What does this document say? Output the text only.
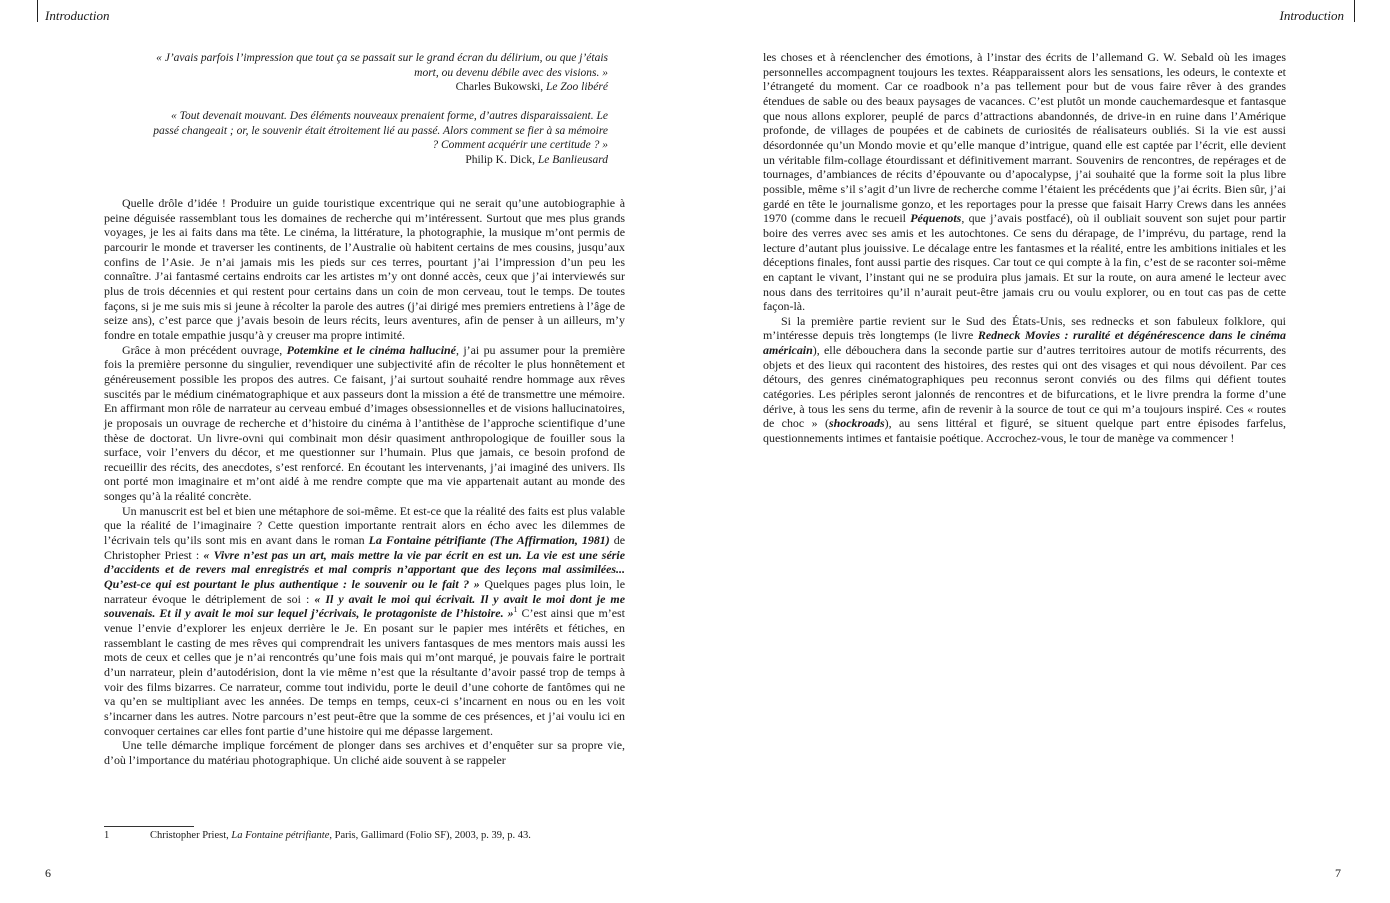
Introduction
« J’avais parfois l’impression que tout ça se passait sur le grand écran du délirium, ou que j’étais mort, ou devenu débile avec des visions. »
Charles Bukowski, Le Zoo libéré
« Tout devenait mouvant. Des éléments nouveaux prenaient forme, d’autres disparaissaient. Le passé changeait ; or, le souvenir était étroitement lié au passé. Alors comment se fier à sa mémoire ? Comment acquérir une certitude ? »
Philip K. Dick, Le Banlieusard

Quelle drôle d’idée ! Produire un guide touristique excentrique qui ne serait qu’une autobiographie à peine déguisée rassemblant tous les domaines de recherche qui m’intéressent. Surtout que mes plus grands voyages, je les ai faits dans ma tête. Le cinéma, la littérature, la photographie, la musique m’ont permis de parcourir le monde et traverser les continents, de l’Australie où habitent certains de mes cousins, jusqu’aux confins de l’Asie. Je n’ai jamais mis les pieds sur ces terres, pourtant j’ai l’impression d’un peu les connaître. J’ai fantasmé certains endroits car les artistes m’y ont donné accès, ceux que j’ai interviewés sur plus de trois décennies et qui restent pour certains dans un coin de mon cerveau, tout le temps. De toutes façons, si je me suis mis si jeune à récolter la parole des autres (j’ai dirigé mes premiers entretiens à l’âge de seize ans), c’est parce que j’avais besoin de leurs récits, leurs aventures, afin de penser à un ailleurs, m’y fondre en totale empathie jusqu’à y creuser ma propre intimité.

Grâce à mon précédent ouvrage, Potemkine et le cinéma halluciné, j’ai pu assumer pour la première fois la première personne du singulier, revendiquer une subjectivité afin de récolter le plus honnêtement et généreusement possible les propos des autres. Ce faisant, j’ai surtout souhaité rendre hommage aux rêves suscités par le médium cinématographique et aux passeurs dont la mission a été de transmettre une mémoire. En affirmant mon rôle de narrateur au cerveau embué d’images obsessionnelles et de visions hallucinatoires, je proposais un ouvrage de recherche et d’histoire du cinéma à l’antithèse de l’approche scientifique d’une thèse de doctorat. Un livre-ovni qui combinait mon désir quasiment anthropologique de fouiller sous la surface, voir l’envers du décor, et me questionner sur l’humain. Plus que jamais, ce besoin profond de recueillir des récits, des anecdotes, s’est renforcé. En écoutant les intervenants, j’ai imaginé des univers. Ils ont porté mon imaginaire et m’ont aidé à me rendre compte que ma vie appartenait autant au monde des songes qu’à la réalité concrète.

Un manuscrit est bel et bien une métaphore de soi-même. Et est-ce que la réalité des faits est plus valable que la réalité de l’imaginaire ? Cette question importante rentrait alors en écho avec les dilemmes de l’écrivain tels qu’ils sont mis en avant dans le roman La Fontaine pétrifiante (The Affirmation, 1981) de Christopher Priest : « Vivre n’est pas un art, mais mettre la vie par écrit en est un. La vie est une série d’accidents et de revers mal enregistrés et mal compris n’apportant que des leçons mal assimilées... Qu’est-ce qui est pourtant le plus authentique : le souvenir ou le fait ? » Quelques pages plus loin, le narrateur évoque le détriplement de soi : « Il y avait le moi qui écrivait. Il y avait le moi dont je me souvenais. Et il y avait le moi sur lequel j’écrivais, le protagoniste de l’histoire. »$^1$ C’est ainsi que m’est venue l’envie d’explorer les enjeux derrière le Je. En posant sur le papier mes intérêts et fétiches, en rassemblant le casting de mes rêves qui comprendrait les univers fantasques de mes mentors mais aussi les mots de ceux et celles que je n’ai rencontrés qu’une fois mais qui m’ont marqué, je pouvais faire le portrait d’un narrateur, plein d’autodérision, dont la vie même n’est que la résultante d’avoir passé trop de temps à voir des films bizarres. Ce narrateur, comme tout individu, porte le deuil d’une cohorte de fantômes qui ne va qu’en se multipliant avec les années. De temps en temps, ceux-ci s’incarnent en nous ou en les voit s’incarner dans les autres. Notre parcours n’est peut-être que la somme de ces présences, et j’ai voulu ici en convoquer certaines car elles font partie d’une histoire qui me dépasse largement.

Une telle démarche implique forcément de plonger dans ses archives et d’enquêter sur sa propre vie, d’où l’importance du matériau photographique. Un cliché aide souvent à se rappeler

1	Christopher Priest, La Fontaine pétrifiante, Paris, Gallimard (Folio SF), 2003, p. 39, p. 43.
6
Introduction

les choses et à réenclencher des émotions, à l’instar des écrits de l’allemand G. W. Sebald où les images personnelles accompagnent toujours les textes. Réapparaissent alors les sensations, les odeurs, le contexte et l’étrangeté du moment. Car ce roadbook n’a pas tellement pour but de vous faire rêver à des grandes étendues de sable ou des beaux paysages de vacances. C’est plutôt un monde cauchemardesque et fantasque que nous allons explorer, peuplé de parcs d’attractions abandonnés, de drive-in en ruine dans l’Amérique profonde, de villages de poupées et de cabinets de curiosités de réalisateurs oubliés. Si la vie est aussi désordonnée qu’un Mondo movie et qu’elle manque d’intrigue, quand elle est captée par l’écrit, elle devient un véritable film-collage étourdissant et définitivement marrant. Souvenirs de rencontres, de repérages et de tournages, d’ambiances de récits d’épouvante ou d’apocalypse, j’ai souhaité que la forme soit la plus libre possible, même s’il s’agit d’un livre de recherche comme l’étaient les précédents que j’ai écrits. Bien sûr, j’ai gardé en tête le journalisme gonzo, et les reportages pour la presse que faisait Harry Crews dans les années 1970 (comme dans le recueil Péquenots, que j’avais postfacé), où il oubliait souvent son sujet pour partir boire des verres avec ses amis et les autochtones. Ce sens du dérapage, de l’imprévu, du partage, rend la lecture d’autant plus jouissive. Le décalage entre les fantasmes et la réalité, entre les ambitions initiales et les déceptions finales, font aussi partie des risques. Car tout ce qui compte à la fin, c’est de se raconter soi-même en captant le vivant, l’instant qui ne se produira plus jamais. Et sur la route, on aura amené le lecteur avec nous dans des territoires qu’il n’aurait peut-être jamais cru ou voulu explorer, ou en tout cas pas de cette façon-là.

Si la première partie revient sur le Sud des États-Unis, ses rednecks et son fabuleux folklore, qui m’intéresse depuis très longtemps (le livre Redneck Movies : ruralité et dégénérescence dans le cinéma américain), elle débouchera dans la seconde partie sur d’autres territoires autour de motifs récurrents, des objets et des lieux qui racontent des histoires, des restes qui ont des visages et qui nous dévoilent. Par ces détours, des genres cinématographiques peu reconnus seront conviés ou des films qui défient toutes catégories. Les périples seront jalonnés de rencontres et de bifurcations, et le livre prendra la forme d’une dérive, à tous les sens du terme, afin de revenir à la source de tout ce qui m’a toujours inspiré. Ces « routes de choc » (shockroads), au sens littéral et figuré, se situent quelque part entre épisodes farfelus, questionnements intimes et fantaisie poétique. Accrochez-vous, le tour de manège va commencer !

7
